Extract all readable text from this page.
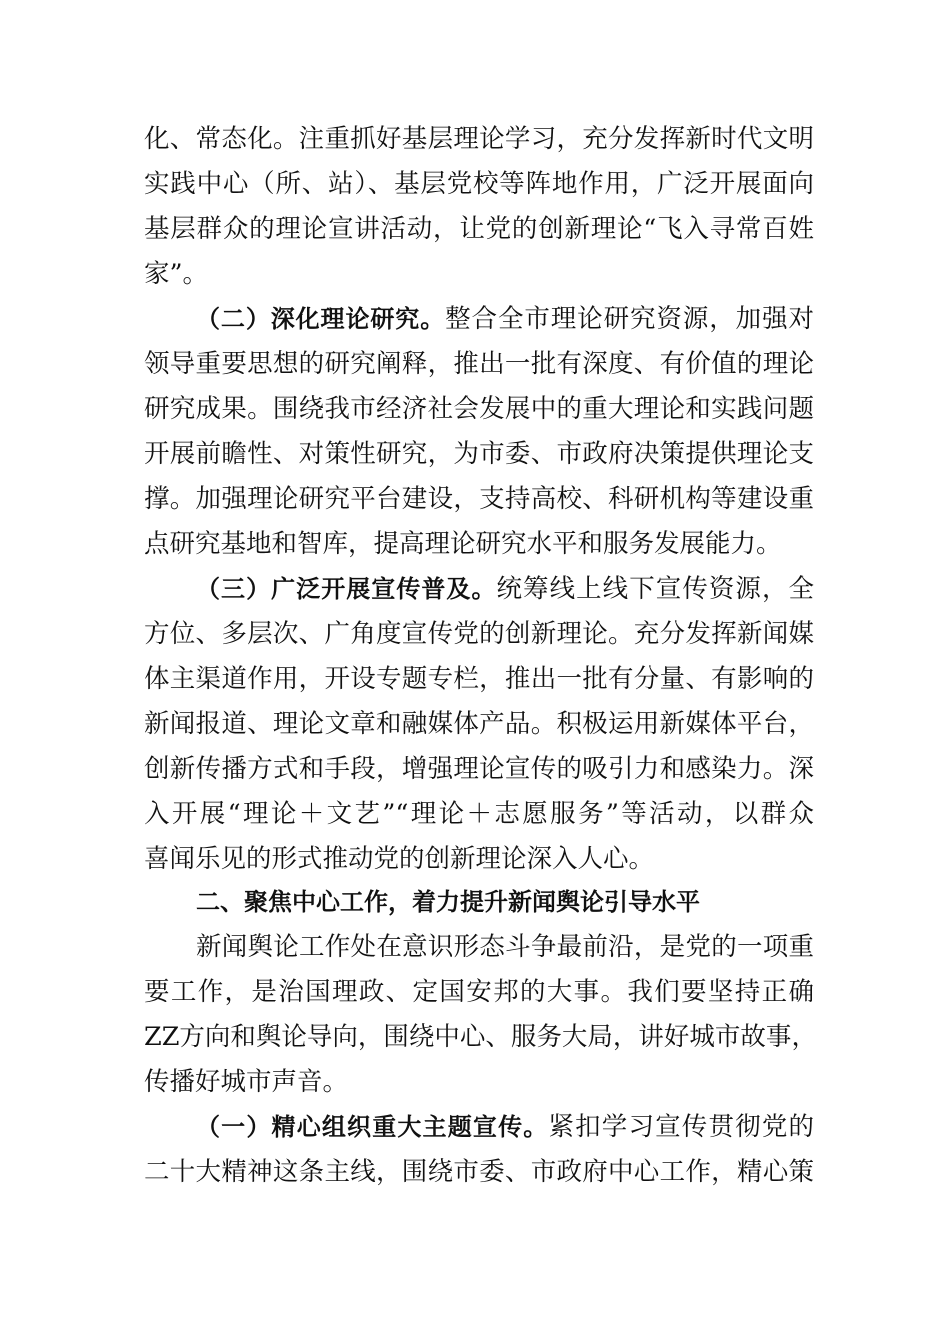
化、常态化。注重抓好基层理论学习，充分发挥新时代文明
实践中心（所、站）、基层党校等阵地作用，广泛开展面向
基层群众的理论宣讲活动，让党的创新理论“飞入寻常百姓
家”。
（二）深化理论研究。整合全市理论研究资源，加强对
领导重要思想的研究阐释，推出一批有深度、有价值的理论
研究成果。围绕我市经济社会发展中的重大理论和实践问题
开展前瞻性、对策性研究，为市委、市政府决策提供理论支
撑。加强理论研究平台建设，支持高校、科研机构等建设重
点研究基地和智库，提高理论研究水平和服务发展能力。
（三）广泛开展宣传普及。统筹线上线下宣传资源，全
方位、多层次、广角度宣传党的创新理论。充分发挥新闻媒
体主渠道作用，开设专题专栏，推出一批有分量、有影响的
新闻报道、理论文章和融媒体产品。积极运用新媒体平台，
创新传播方式和手段，增强理论宣传的吸引力和感染力。深
入开展“理论＋文艺”“理论＋志愿服务”等活动，以群众
喜闻乐见的形式推动党的创新理论深入人心。
二、聚焦中心工作，着力提升新闻舆论引导水平
新闻舆论工作处在意识形态斗争最前沿，是党的一项重
要工作，是治国理政、定国安邦的大事。我们要坚持正确
ZZ方向和舆论导向，围绕中心、服务大局，讲好城市故事，
传播好城市声音。
（一）精心组织重大主题宣传。紧扣学习宣传贯彻党的
二十大精神这条主线，围绕市委、市政府中心工作，精心策
